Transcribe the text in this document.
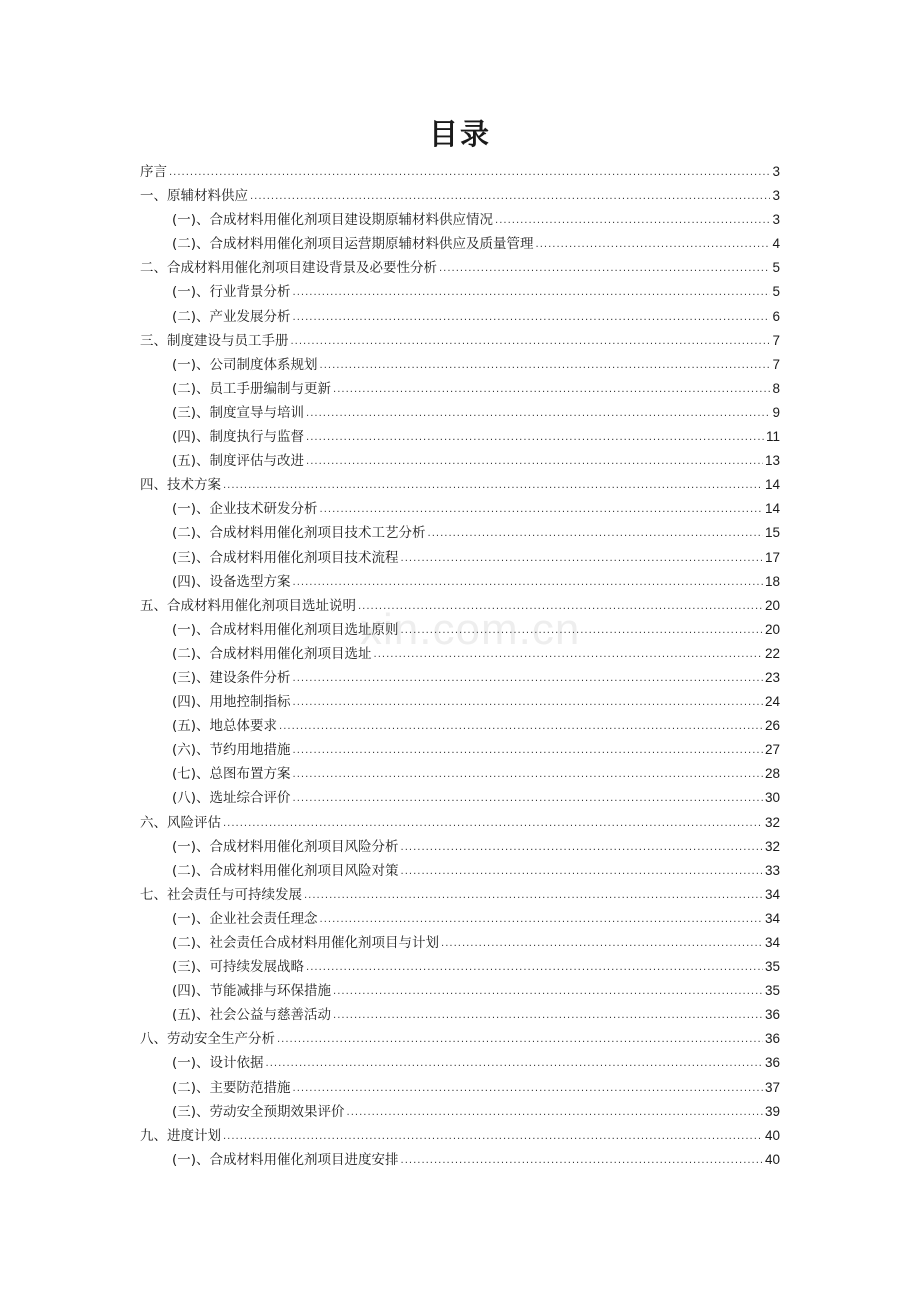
目录
xin.com.cn
序言 .....	3
一、原辅材料供应 .....	3
(一)、合成材料用催化剂项目建设期原辅材料供应情况 .....	3
(二)、合成材料用催化剂项目运营期原辅材料供应及质量管理 .....	4
二、合成材料用催化剂项目建设背景及必要性分析 .....	5
(一)、行业背景分析 .....	5
(二)、产业发展分析 .....	6
三、制度建设与员工手册 .....	7
(一)、公司制度体系规划 .....	7
(二)、员工手册编制与更新 .....	8
(三)、制度宣导与培训 .....	9
(四)、制度执行与监督 .....	11
(五)、制度评估与改进 .....	13
四、技术方案 .....	14
(一)、企业技术研发分析 .....	14
(二)、合成材料用催化剂项目技术工艺分析 .....	15
(三)、合成材料用催化剂项目技术流程 .....	17
(四)、设备选型方案 .....	18
五、合成材料用催化剂项目选址说明 .....	20
(一)、合成材料用催化剂项目选址原则 .....	20
(二)、合成材料用催化剂项目选址 .....	22
(三)、建设条件分析 .....	23
(四)、用地控制指标 .....	24
(五)、地总体要求 .....	26
(六)、节约用地措施 .....	27
(七)、总图布置方案 .....	28
(八)、选址综合评价 .....	30
六、风险评估 .....	32
(一)、合成材料用催化剂项目风险分析 .....	32
(二)、合成材料用催化剂项目风险对策 .....	33
七、社会责任与可持续发展 .....	34
(一)、企业社会责任理念 .....	34
(二)、社会责任合成材料用催化剂项目与计划 .....	34
(三)、可持续发展战略 .....	35
(四)、节能减排与环保措施 .....	35
(五)、社会公益与慈善活动 .....	36
八、劳动安全生产分析 .....	36
(一)、设计依据 .....	36
(二)、主要防范措施 .....	37
(三)、劳动安全预期效果评价 .....	39
九、进度计划 .....	40
(一)、合成材料用催化剂项目进度安排 .....	40
